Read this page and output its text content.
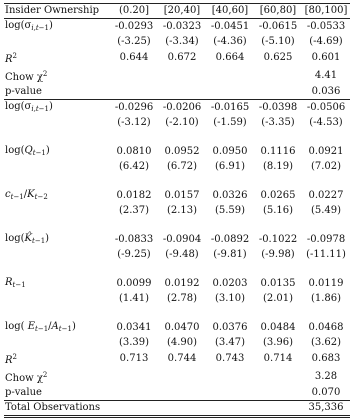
Insider Ownership	(0.20]	[20,40]	[40,60]	[60,80]	[80,100]
$\log(\sigma_{i,t-1})$	-0.0293	-0.0323	-0.0451	-0.0615	-0.0533
	(-3.25)	(-3.34)	(-4.36)	(-5.10)	(-4.69)
$R^2$	0.644	0.672	0.664	0.625	0.601
Chow $\chi^2$					4.41
p-value					0.036
$\log(\sigma_{i,t-1})$	-0.0296	-0.0206	-0.0165	-0.0398	-0.0506
	(-3.12)	(-2.10)	(-1.59)	(-3.35)	(-4.53)

$\log(Q_{t-1})$	0.0810	0.0952	0.0950	0.1116	0.0921
	(6.42)	(6.72)	(6.91)	(8.19)	(7.02)

$c_{t-1}/K_{t-2}$	0.0182	0.0157	0.0326	0.0265	0.0227
	(2.37)	(2.13)	(5.59)	(5.16)	(5.49)

$\log(K̂_{t-1})$	-0.0833	-0.0904	-0.0892	-0.1022	-0.0978
	(-9.25)	(-9.48)	(-9.81)	(-9.98)	(-11.11)

$R_{t-1}$	0.0099	0.0192	0.0203	0.0135	0.0119
	(1.41)	(2.78)	(3.10)	(2.01)	(1.86)

log( $E_{t-1}/A_{t-1}$)	0.0341	0.0470	0.0376	0.0484	0.0468
	(3.39)	(4.90)	(3.47)	(3.96)	(3.62)
$R^2$	0.713	0.744	0.743	0.714	0.683
Chow $\chi^2$					3.28
p-value					0.070
Total Observations					35,336
